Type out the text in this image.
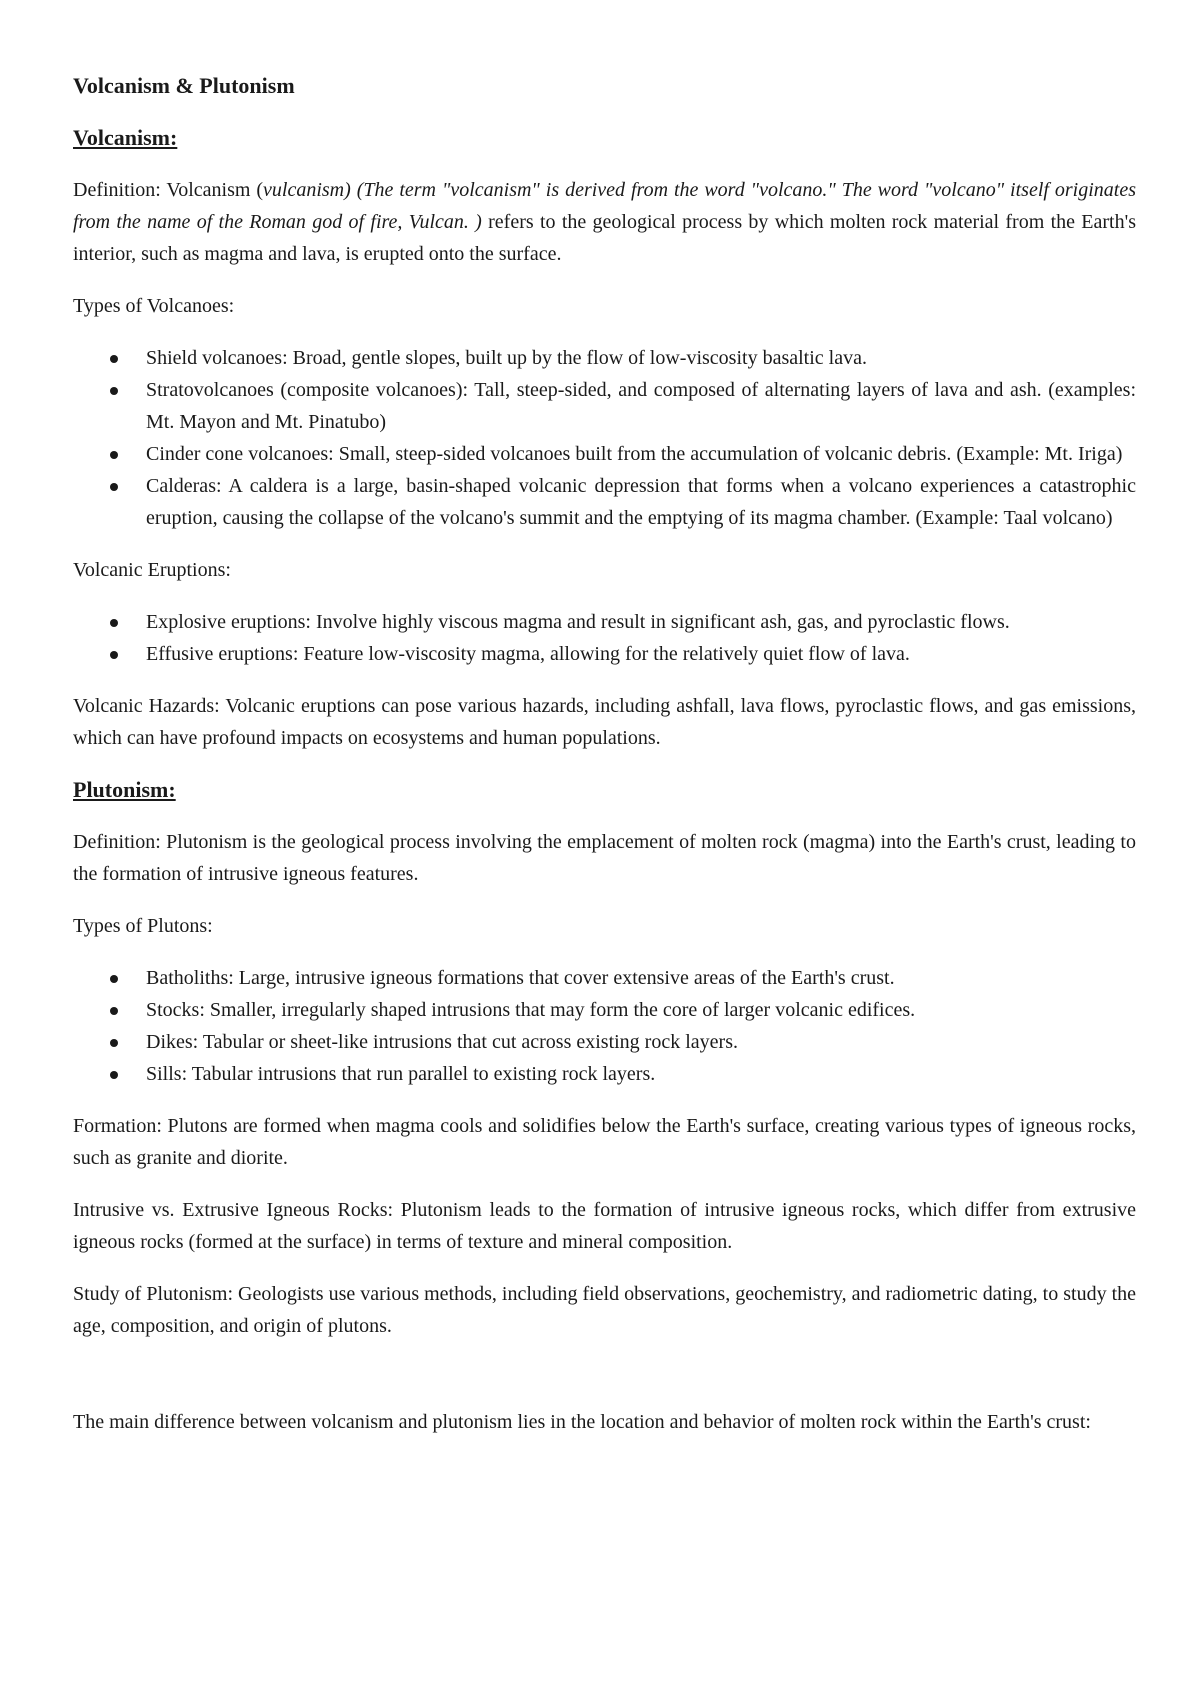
Volcanism & Plutonism

Volcanism:

Definition: Volcanism (vulcanism) (The term "volcanism" is derived from the word "volcano." The word "volcano" itself originates from the name of the Roman god of fire, Vulcan. ) refers to the geological process by which molten rock material from the Earth's interior, such as magma and lava, is erupted onto the surface.

Types of Volcanoes:

Shield volcanoes: Broad, gentle slopes, built up by the flow of low-viscosity basaltic lava.
Stratovolcanoes (composite volcanoes): Tall, steep-sided, and composed of alternating layers of lava and ash. (examples: Mt. Mayon and Mt. Pinatubo)
Cinder cone volcanoes: Small, steep-sided volcanoes built from the accumulation of volcanic debris. (Example: Mt. Iriga)
Calderas: A caldera is a large, basin-shaped volcanic depression that forms when a volcano experiences a catastrophic eruption, causing the collapse of the volcano's summit and the emptying of its magma chamber. (Example: Taal volcano)

Volcanic Eruptions:

Explosive eruptions: Involve highly viscous magma and result in significant ash, gas, and pyroclastic flows.
Effusive eruptions: Feature low-viscosity magma, allowing for the relatively quiet flow of lava.

Volcanic Hazards: Volcanic eruptions can pose various hazards, including ashfall, lava flows, pyroclastic flows, and gas emissions, which can have profound impacts on ecosystems and human populations.

Plutonism:

Definition: Plutonism is the geological process involving the emplacement of molten rock (magma) into the Earth's crust, leading to the formation of intrusive igneous features.

Types of Plutons:

Batholiths: Large, intrusive igneous formations that cover extensive areas of the Earth's crust.
Stocks: Smaller, irregularly shaped intrusions that may form the core of larger volcanic edifices.
Dikes: Tabular or sheet-like intrusions that cut across existing rock layers.
Sills: Tabular intrusions that run parallel to existing rock layers.

Formation: Plutons are formed when magma cools and solidifies below the Earth's surface, creating various types of igneous rocks, such as granite and diorite.

Intrusive vs. Extrusive Igneous Rocks: Plutonism leads to the formation of intrusive igneous rocks, which differ from extrusive igneous rocks (formed at the surface) in terms of texture and mineral composition.

Study of Plutonism: Geologists use various methods, including field observations, geochemistry, and radiometric dating, to study the age, composition, and origin of plutons.

The main difference between volcanism and plutonism lies in the location and behavior of molten rock within the Earth's crust:
